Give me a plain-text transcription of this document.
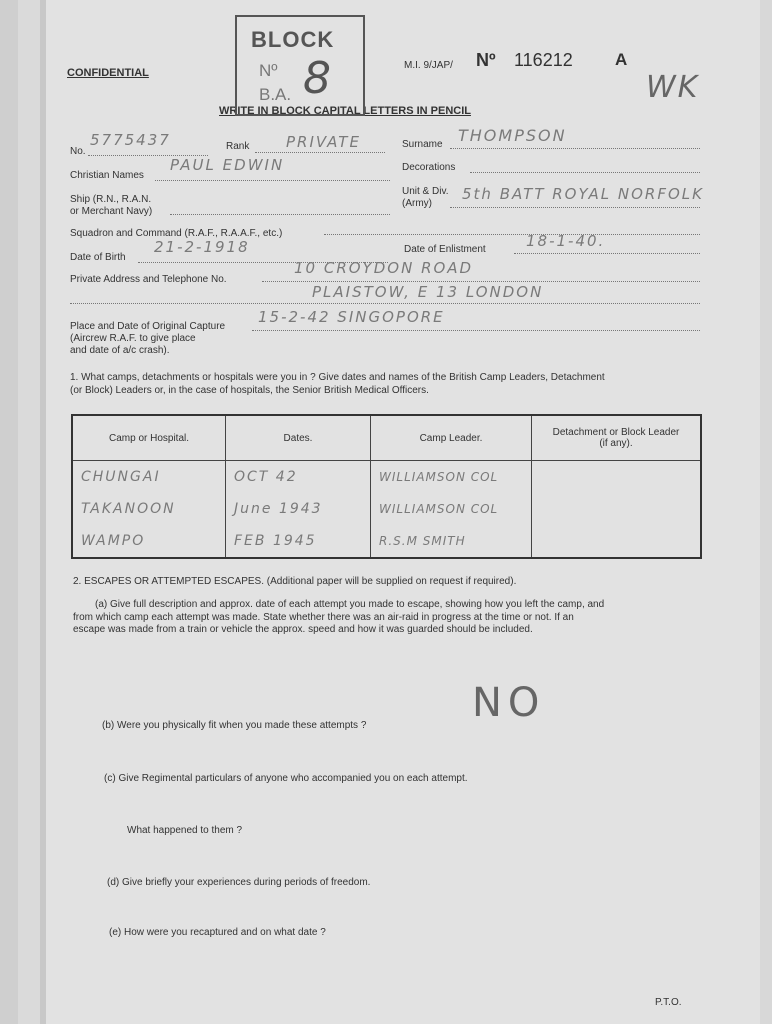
CONFIDENTIAL
M.I. 9/JAP/ Nº 116212 A
WK
WRITE IN BLOCK CAPITAL LETTERS IN PENCIL
BLOCK
Nº
B.A. 8
No.
5775437	Rank PRIVATE	Surname THOMPSON
Christian Names
PAUL EDWIN	Decorations
Ship (R.N., R.A.N.
or Merchant Navy)
Unit & Div.
(Army)
5th BATT ROYAL NORFOLK
Squadron and Command (R.A.F., R.A.A.F., etc.)
Date of Birth
21-2-1918	Date of Enlistment	18-1-40.
Private Address and Telephone No.
10 CROYDON ROAD
PLAISTOW, E 13 LONDON
Place and Date of Original Capture
(Aircrew R.A.F. to give place
and date of a/c crash).
15-2-42 SINGOPORE
1. What camps, detachments or hospitals were you in ? Give dates and names of the British Camp Leaders, Detachment
(or Block) Leaders or, in the case of hospitals, the Senior British Medical Officers.
Camp or Hospital.	Dates.	Camp Leader.	Detachment or Block Leader (if any).
CHUNGAI	OCT 42	WILLIAMSON COL	
TAKANOON	June 1943	WILLIAMSON COL	
WAMPO	FEB 1945	R.S.M SMITH	
2. ESCAPES OR ATTEMPTED ESCAPES. (Additional paper will be supplied on request if required).
(a) Give full description and approx. date of each attempt you made to escape, showing how you left the camp, and
from which camp each attempt was made. State whether there was an air-raid in progress at the time or not. If an
escape was made from a train or vehicle the approx. speed and how it was guarded should be included.
NO
(b) Were you physically fit when you made these attempts ?
(c) Give Regimental particulars of anyone who accompanied you on each attempt.
What happened to them ?
(d) Give briefly your experiences during periods of freedom.
(e) How were you recaptured and on what date ?
P.T.O.
